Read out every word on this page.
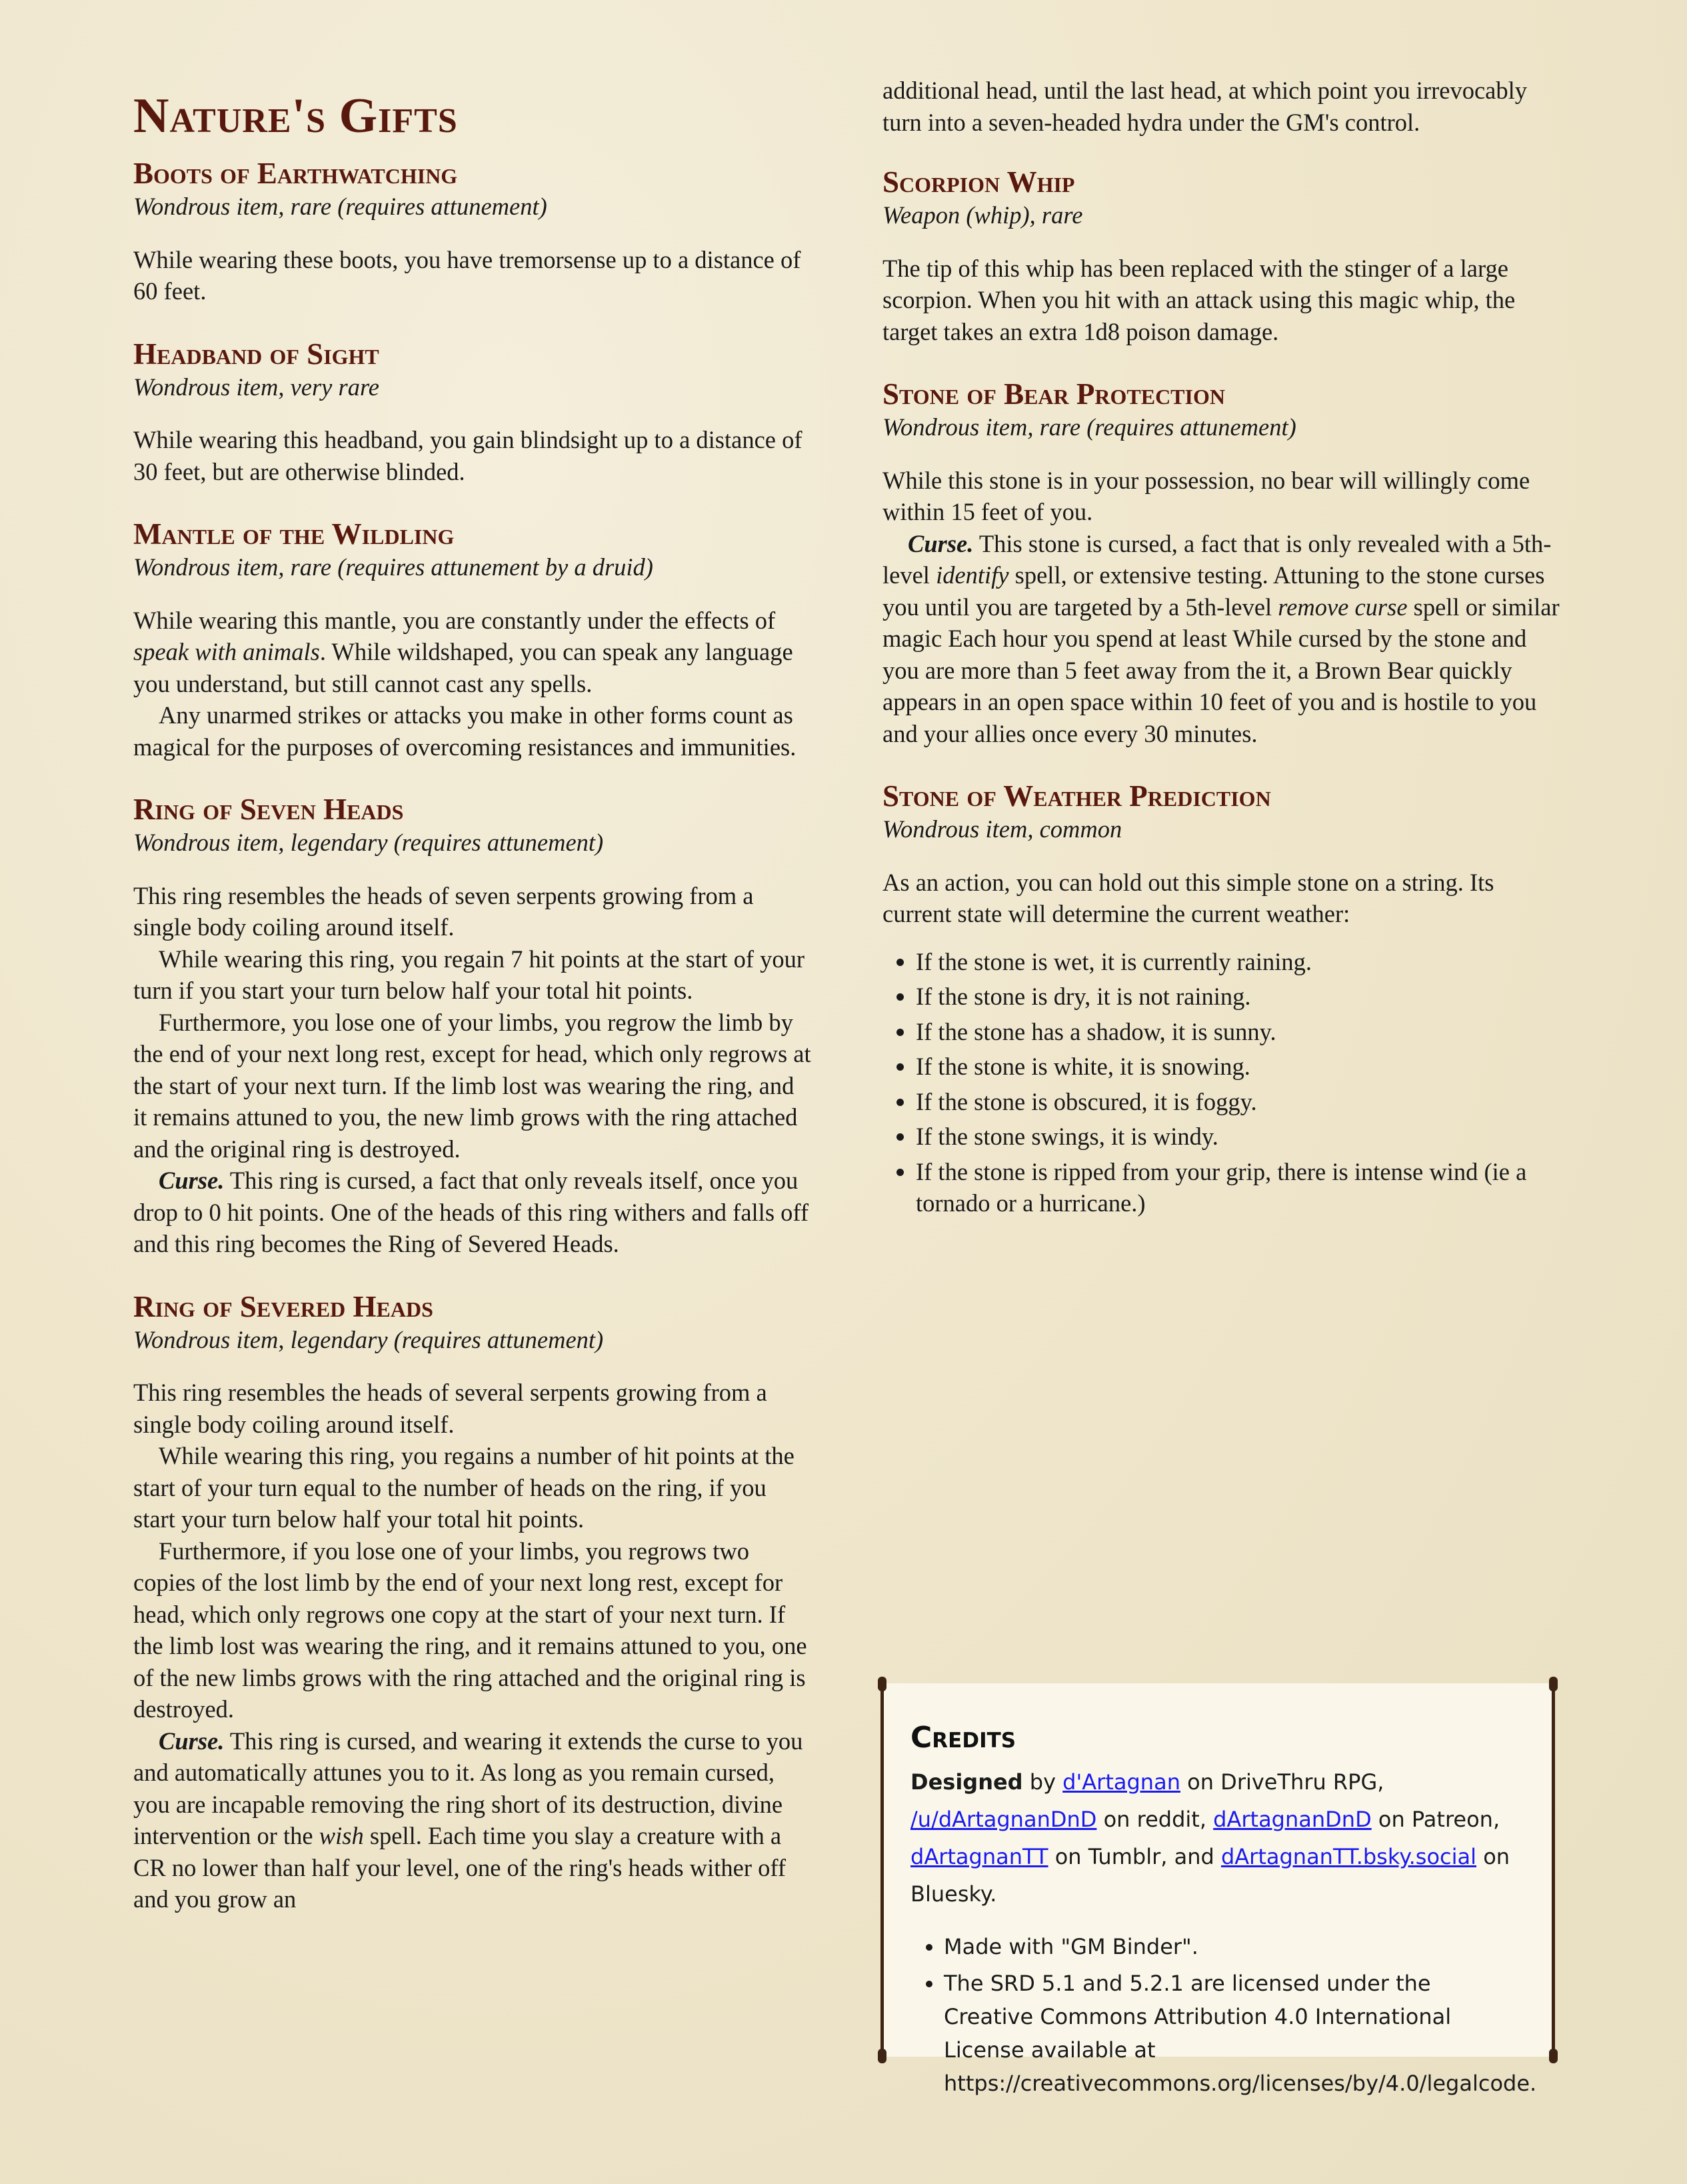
Nature's Gifts
Boots of Earthwatching
Wondrous item, rare (requires attunement)

While wearing these boots, you have tremorsense up to a distance of 60 feet.

Headband of Sight
Wondrous item, very rare

While wearing this headband, you gain blindsight up to a distance of 30 feet, but are otherwise blinded.

Mantle of the Wildling
Wondrous item, rare (requires attunement by a druid)

While wearing this mantle, you are constantly under the effects of speak with animals. While wildshaped, you can speak any language you understand, but still cannot cast any spells.

Any unarmed strikes or attacks you make in other forms count as magical for the purposes of overcoming resistances and immunities.

Ring of Seven Heads
Wondrous item, legendary (requires attunement)

This ring resembles the heads of seven serpents growing from a single body coiling around itself.

While wearing this ring, you regain 7 hit points at the start of your turn if you start your turn below half your total hit points.

Furthermore, you lose one of your limbs, you regrow the limb by the end of your next long rest, except for head, which only regrows at the start of your next turn. If the limb lost was wearing the ring, and it remains attuned to you, the new limb grows with the ring attached and the original ring is destroyed.

Curse. This ring is cursed, a fact that only reveals itself, once you drop to 0 hit points. One of the heads of this ring withers and falls off and this ring becomes the Ring of Severed Heads.

Ring of Severed Heads
Wondrous item, legendary (requires attunement)

This ring resembles the heads of several serpents growing from a single body coiling around itself.

While wearing this ring, you regains a number of hit points at the start of your turn equal to the number of heads on the ring, if you start your turn below half your total hit points.

Furthermore, if you lose one of your limbs, you regrows two copies of the lost limb by the end of your next long rest, except for head, which only regrows one copy at the start of your next turn. If the limb lost was wearing the ring, and it remains attuned to you, one of the new limbs grows with the ring attached and the original ring is destroyed.

Curse. This ring is cursed, and wearing it extends the curse to you and automatically attunes you to it. As long as you remain cursed, you are incapable removing the ring short of its destruction, divine intervention or the wish spell. Each time you slay a creature with a CR no lower than half your level, one of the ring's heads wither off and you grow an

additional head, until the last head, at which point you irrevocably turn into a seven-headed hydra under the GM's control.

Scorpion Whip
Weapon (whip), rare

The tip of this whip has been replaced with the stinger of a large scorpion. When you hit with an attack using this magic whip, the target takes an extra 1d8 poison damage.

Stone of Bear Protection
Wondrous item, rare (requires attunement)

While this stone is in your possession, no bear will willingly come within 15 feet of you.

Curse. This stone is cursed, a fact that is only revealed with a 5th-level identify spell, or extensive testing. Attuning to the stone curses you until you are targeted by a 5th-level remove curse spell or similar magic Each hour you spend at least While cursed by the stone and you are more than 5 feet away from the it, a Brown Bear quickly appears in an open space within 10 feet of you and is hostile to you and your allies once every 30 minutes.

Stone of Weather Prediction
Wondrous item, common

As an action, you can hold out this simple stone on a string. Its current state will determine the current weather:

• If the stone is wet, it is currently raining.
• If the stone is dry, it is not raining.
• If the stone has a shadow, it is sunny.
• If the stone is white, it is snowing.
• If the stone is obscured, it is foggy.
• If the stone swings, it is windy.
• If the stone is ripped from your grip, there is intense wind (ie a tornado or a hurricane.)
Credits
Designed by d'Artagnan on DriveThru RPG, /u/dArtagnanDnD on reddit, dArtagnanDnD on Patreon, dArtagnanTT on Tumblr, and dArtagnanTT.bsky.social on Bluesky.
• Made with "GM Binder".
• The SRD 5.1 and 5.2.1 are licensed under the Creative Commons Attribution 4.0 International License available at https://creativecommons.org/licenses/by/4.0/legalcode.
